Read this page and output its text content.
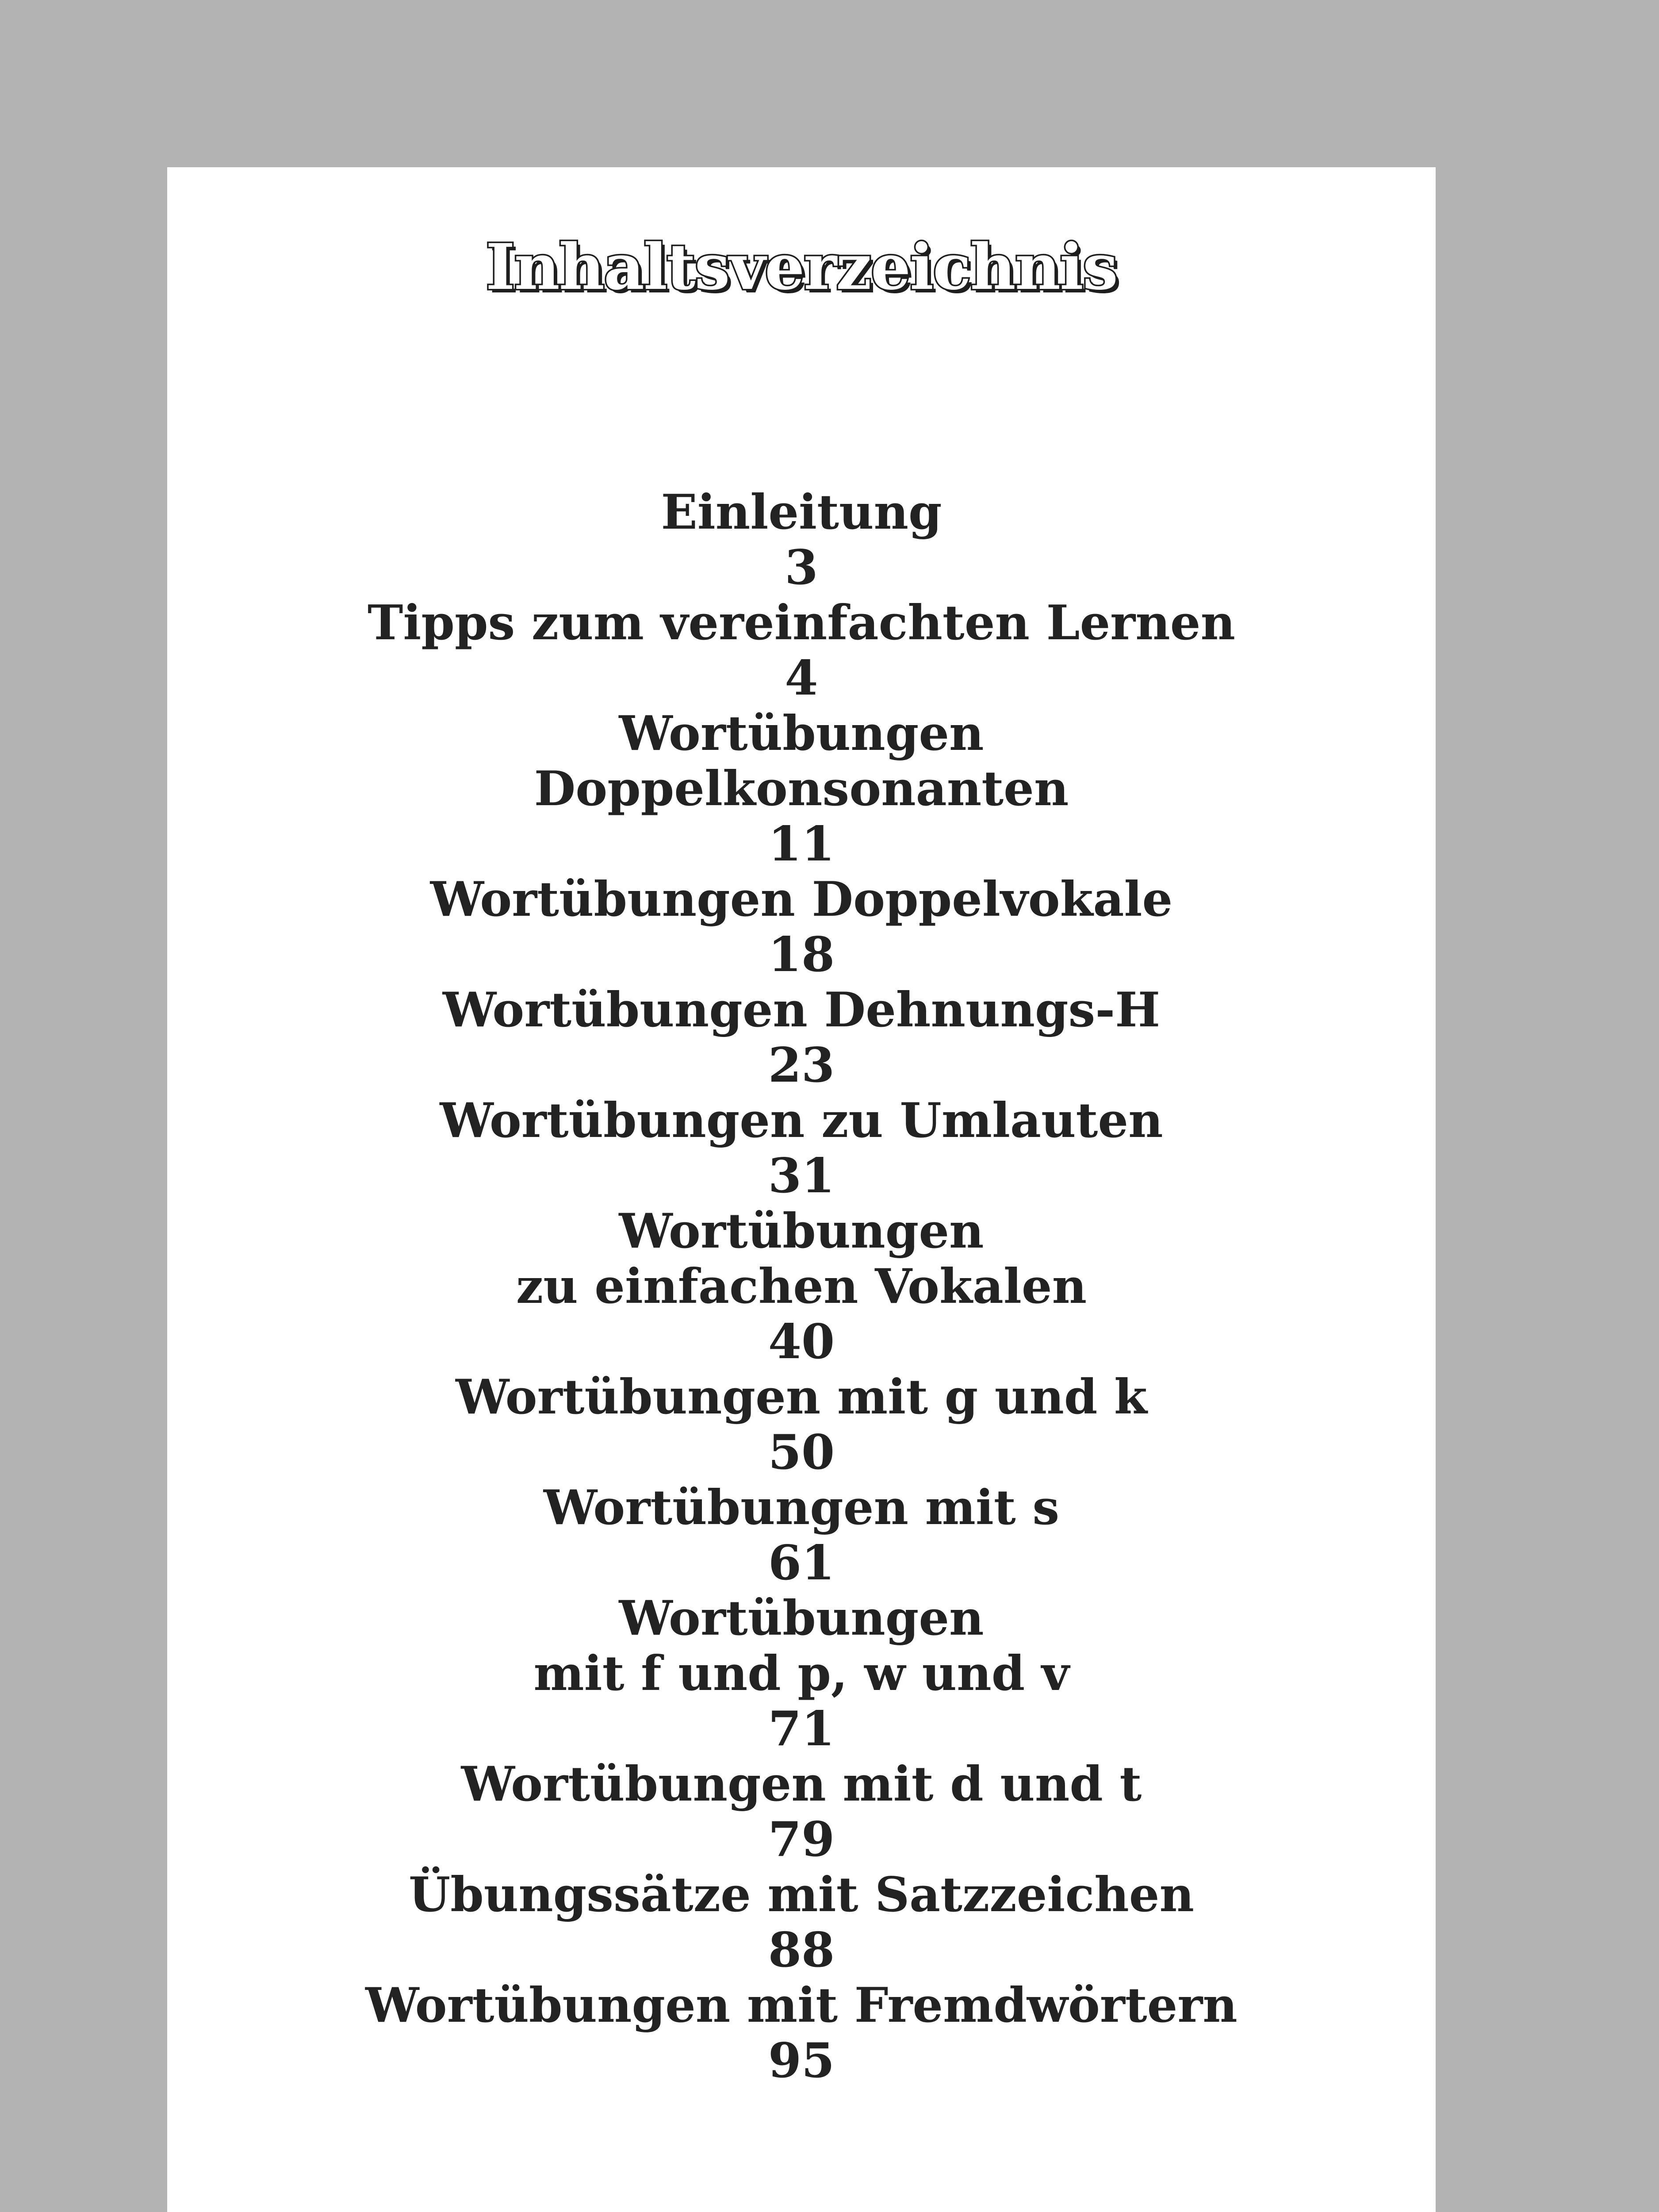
Inhaltsverzeichnis
Einleitung
3
Tipps zum vereinfachten Lernen
4
Wortübungen
Doppelkonsonanten
11
Wortübungen Doppelvokale
18
Wortübungen Dehnungs-H
23
Wortübungen zu Umlauten
31
Wortübungen
zu einfachen Vokalen
40
Wortübungen mit g und k
50
Wortübungen mit s
61
Wortübungen
mit f und p, w und v
71
Wortübungen mit d und t
79
Übungssätze mit Satzzeichen
88
Wortübungen mit Fremdwörtern
95
